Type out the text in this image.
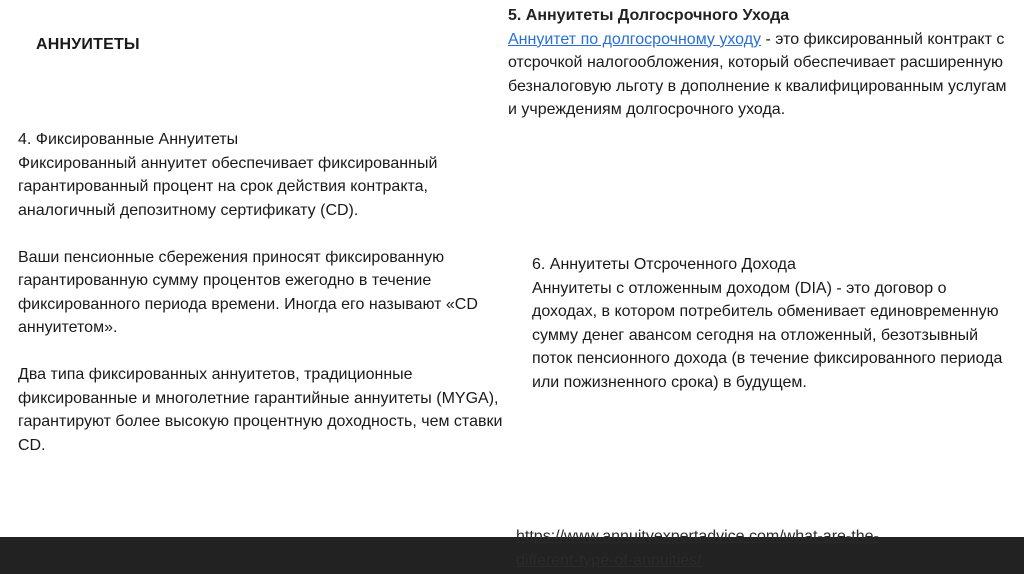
АННУИТЕТЫ

4. Фиксированные Аннуитеты

Фиксированный аннуитет обеспечивает фиксированный гарантированный процент на срок действия контракта, аналогичный депозитному сертификату (CD).

Ваши пенсионные сбережения приносят фиксированную гарантированную сумму процентов ежегодно в течение фиксированного периода времени. Иногда его называют «CD аннуитетом».

Два типа фиксированных аннуитетов, традиционные фиксированные и многолетние гарантийные аннуитеты (MYGA), гарантируют более высокую процентную доходность, чем ставки CD.

5. Аннуитеты Долгосрочного Ухода

Аннуитет по долгосрочному уходу - это фиксированный контракт с отсрочкой налогообложения, который обеспечивает расширенную безналоговую льготу в дополнение к квалифицированным услугам и учреждениям долгосрочного ухода.

6. Аннуитеты Отсроченного Дохода

Аннуитеты с отложенным доходом (DIA) - это договор о доходах, в котором потребитель обменивает единовременную сумму денег авансом сегодня на отложенный, безотзывный поток пенсионного дохода (в течение фиксированного периода или пожизненного срока) в будущем.

https://www.annuityexpertadvice.com/what-are-the-
different-type-of-annuities/
